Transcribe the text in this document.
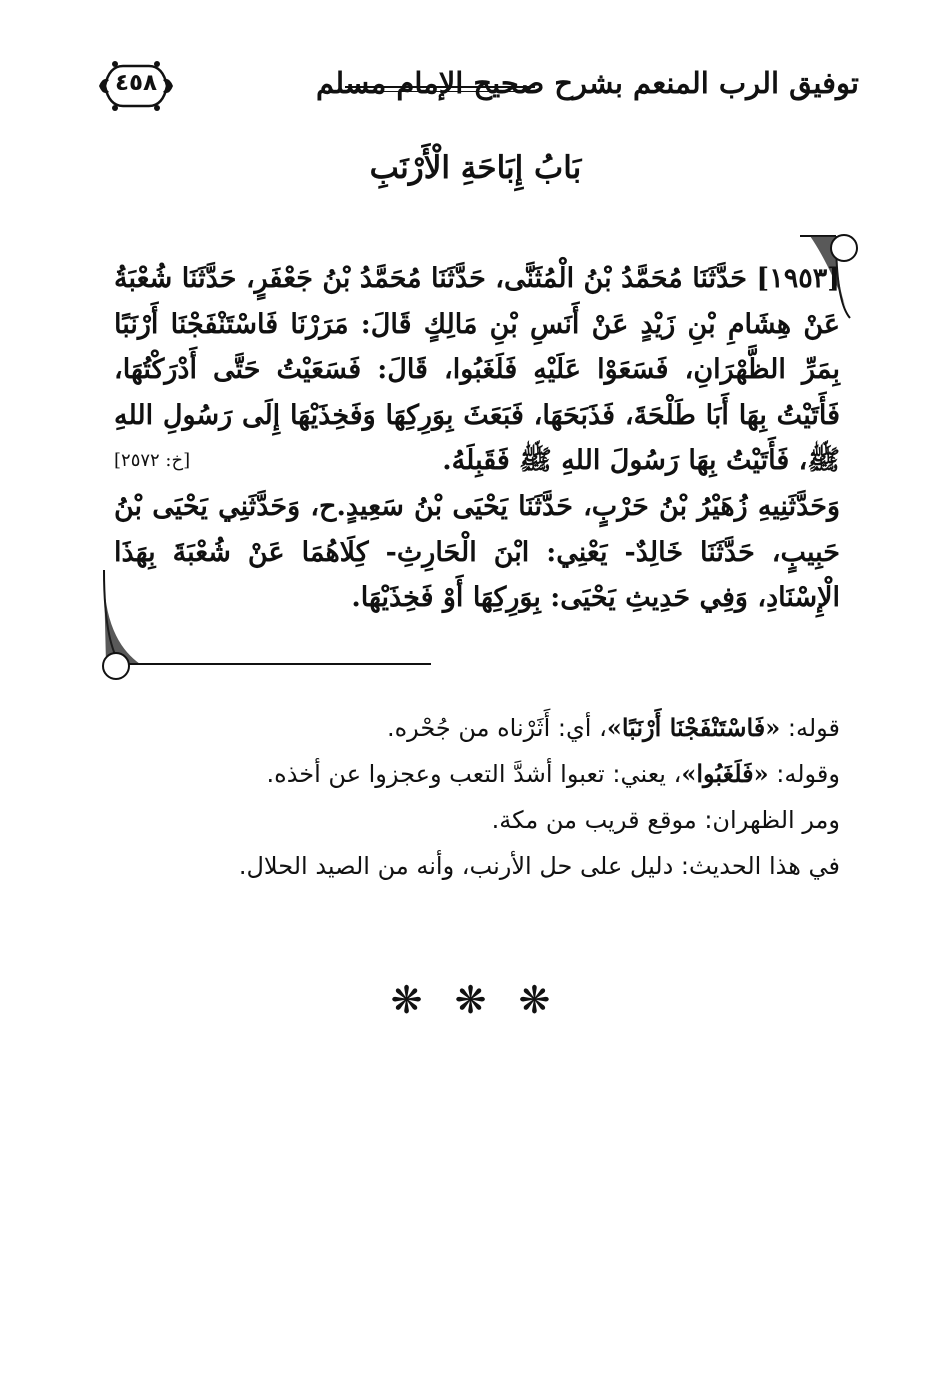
٤٥٨	توفيق الرب المنعم بشرح صحيح الإمام مسلم
بَابُ إِبَاحَةِ الْأَرْنَبِ

[١٩٥٣] حَدَّثَنَا مُحَمَّدُ بْنُ الْمُثَنَّى، حَدَّثَنَا مُحَمَّدُ بْنُ جَعْفَرٍ، حَدَّثَنَا شُعْبَةُ عَنْ هِشَامِ بْنِ زَيْدٍ عَنْ أَنَسِ بْنِ مَالِكٍ قَالَ: مَرَرْنَا فَاسْتَنْفَجْنَا أَرْنَبًا بِمَرِّ الظَّهْرَانِ، فَسَعَوْا عَلَيْهِ فَلَغَبُوا، قَالَ: فَسَعَيْتُ حَتَّى أَدْرَكْتُهَا، فَأَتَيْتُ بِهَا أَبَا طَلْحَةَ، فَذَبَحَهَا، فَبَعَثَ بِوَرِكِهَا وَفَخِذَيْهَا إِلَى رَسُولِ اللهِ ﷺ، فَأَتَيْتُ بِهَا رَسُولَ اللهِ ﷺ فَقَبِلَهُ.

[خ: ٢٥٧٢]

وَحَدَّثَنِيهِ زُهَيْرُ بْنُ حَرْبٍ، حَدَّثَنَا يَحْيَى بْنُ سَعِيدٍ.ح، وَحَدَّثَنِي يَحْيَى بْنُ حَبِيبٍ، حَدَّثَنَا خَالِدٌ- يَعْنِي: ابْنَ الْحَارِثِ- كِلَاهُمَا عَنْ شُعْبَةَ بِهَذَا الْإِسْنَادِ، وَفِي حَدِيثِ يَحْيَى: بِوَرِكِهَا أَوْ فَخِذَيْهَا.

قوله: «فَاسْتَنْفَجْنَا أَرْنَبًا»، أي: أَثَرْناه من جُحْره.

وقوله: «فَلَغَبُوا»، يعني: تعبوا أشدَّ التعب وعجزوا عن أخذه.

ومر الظهران: موقع قريب من مكة.

في هذا الحديث: دليل على حل الأرنب، وأنه من الصيد الحلال.

❋ ❋ ❋
